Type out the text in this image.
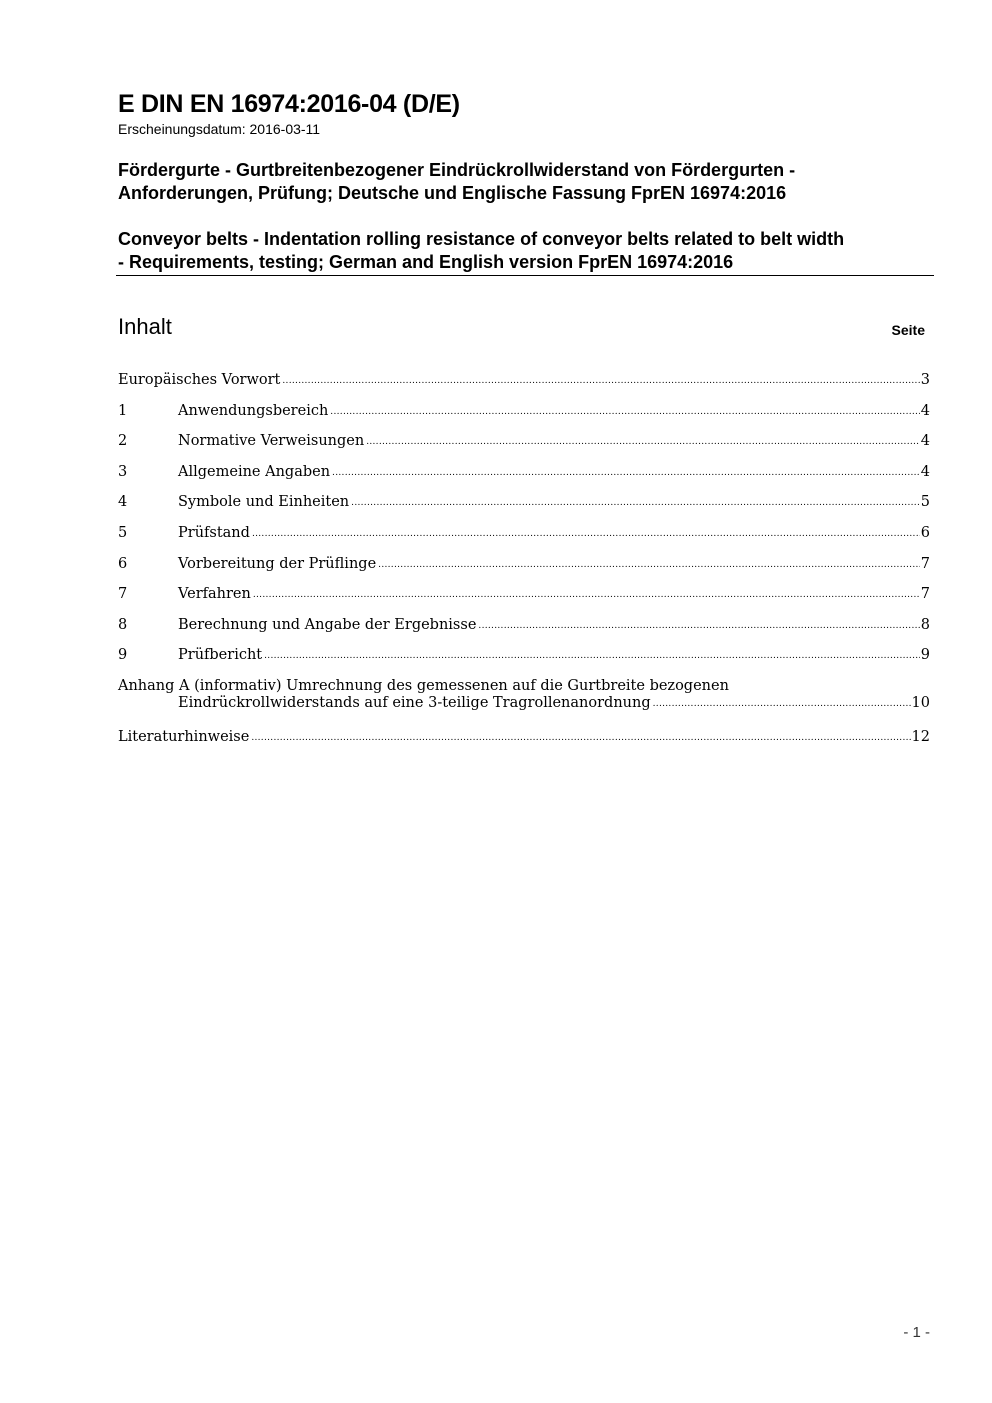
E DIN EN 16974:2016-04 (D/E)
Erscheinungsdatum: 2016-03-11
Fördergurte - Gurtbreitenbezogener Eindrückrollwiderstand von Fördergurten -
Anforderungen, Prüfung; Deutsche und Englische Fassung FprEN 16974:2016
Conveyor belts - Indentation rolling resistance of conveyor belts related to belt width
- Requirements, testing; German and English version FprEN 16974:2016
Inhalt	Seite
Europäisches Vorwort .....	3
1	Anwendungsbereich .....	4
2	Normative Verweisungen .....	4
3	Allgemeine Angaben .....	4
4	Symbole und Einheiten .....	5
5	Prüfstand .....	6
6	Vorbereitung der Prüflinge .....	7
7	Verfahren .....	7
8	Berechnung und Angabe der Ergebnisse .....	8
9	Prüfbericht .....	9
Anhang A (informativ) Umrechnung des gemessenen auf die Gurtbreite bezogenen
Eindrückrollwiderstands auf eine 3-teilige Tragrollenanordnung .....	10
Literaturhinweise .....	12
- 1 -
